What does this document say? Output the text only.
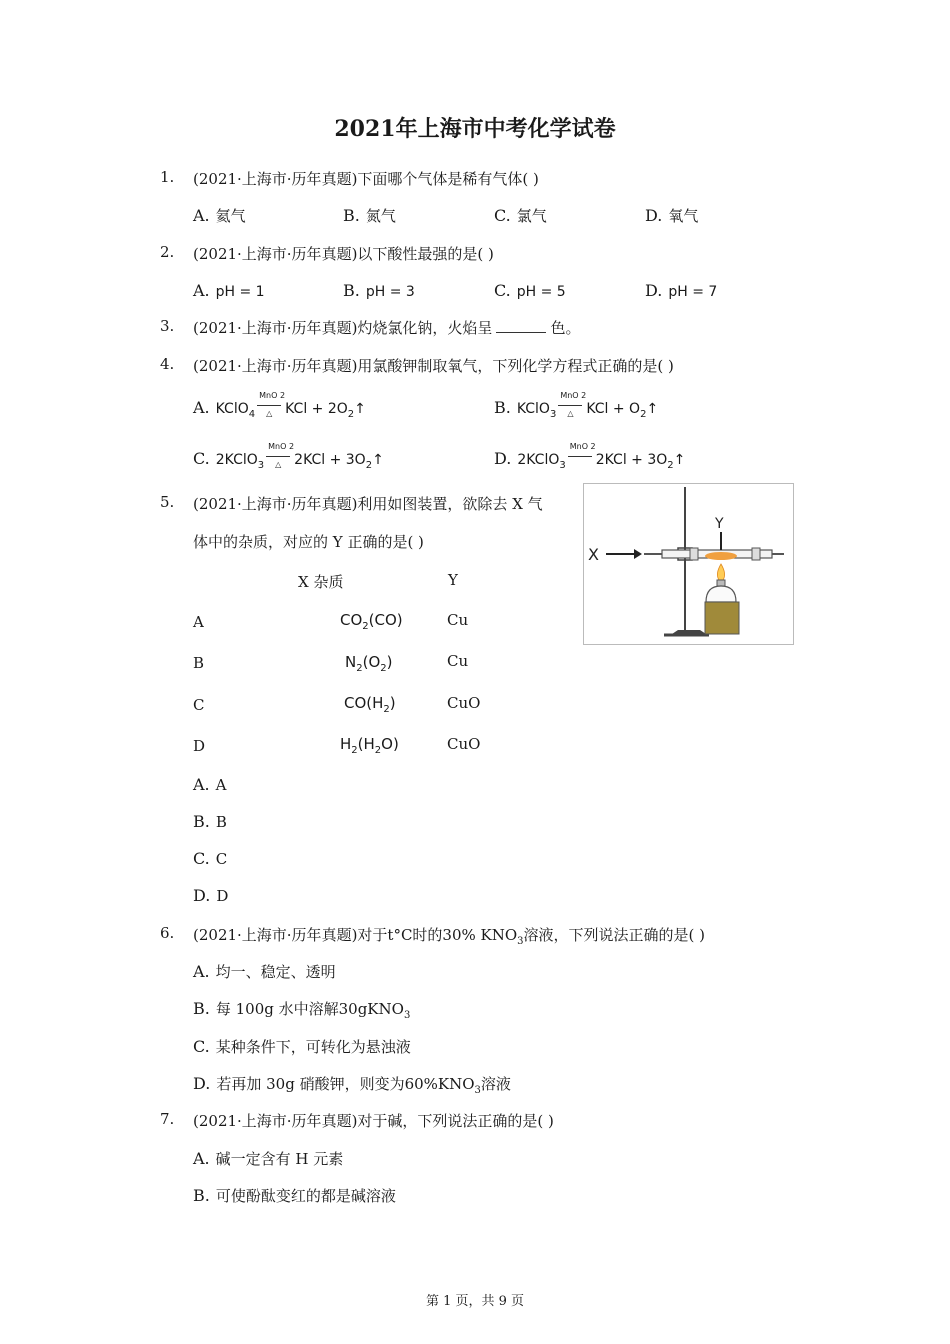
2021年上海市中考化学试卷
1. (2021·上海市·历年真题)下面哪个气体是稀有气体( )
A. 氦气	B. 氮气	C. 氯气	D. 氧气
2. (2021·上海市·历年真题)以下酸性最强的是( )
A. pH = 1	B. pH = 3	C. pH = 5	D. pH = 7
3. (2021·上海市·历年真题)灼烧氯化钠，火焰呈	色。
4. (2021·上海市·历年真题)用氯酸钾制取氧气，下列化学方程式正确的是( )
A. KClO$_4$
MnO 2
△ KCl + $2O_2↑$	B. KClO$_3$
MnO 2
△ KCl + $O_2↑$
C. 2KClO$_3$
MnO 2
△ $2KCl + 3O_2↑$	D. 2KClO$_3$
MnO 2
$2KCl + 3O_2↑$
5. (2021·上海市·历年真题)利用如图装置，欲除去 X 气
体中的杂质，对应的 Y 正确的是( )
X 杂质	Y
A	$CO_2(CO)$	Cu
B	$N_2(O_2)$	Cu
C	$CO(H_2)$	CuO
D	$H_2(H_2O)$	CuO
A. A
B. B
C. C
D. D
X
Y
6. (2021·上海市·历年真题)对于t°C时的30% $KNO_3$溶液，下列说法正确的是( )
A. 均一、稳定、透明
B. 每 100g 水中溶解30gKNO$_3$
C. 某种条件下，可转化为悬浊液
D. 若再加 30g 硝酸钾，则变为$60\%KNO_3$溶液
7. (2021·上海市·历年真题)对于碱，下列说法正确的是( )
A. 碱一定含有 H 元素
B. 可使酚酞变红的都是碱溶液
第 1 页，共 9 页
